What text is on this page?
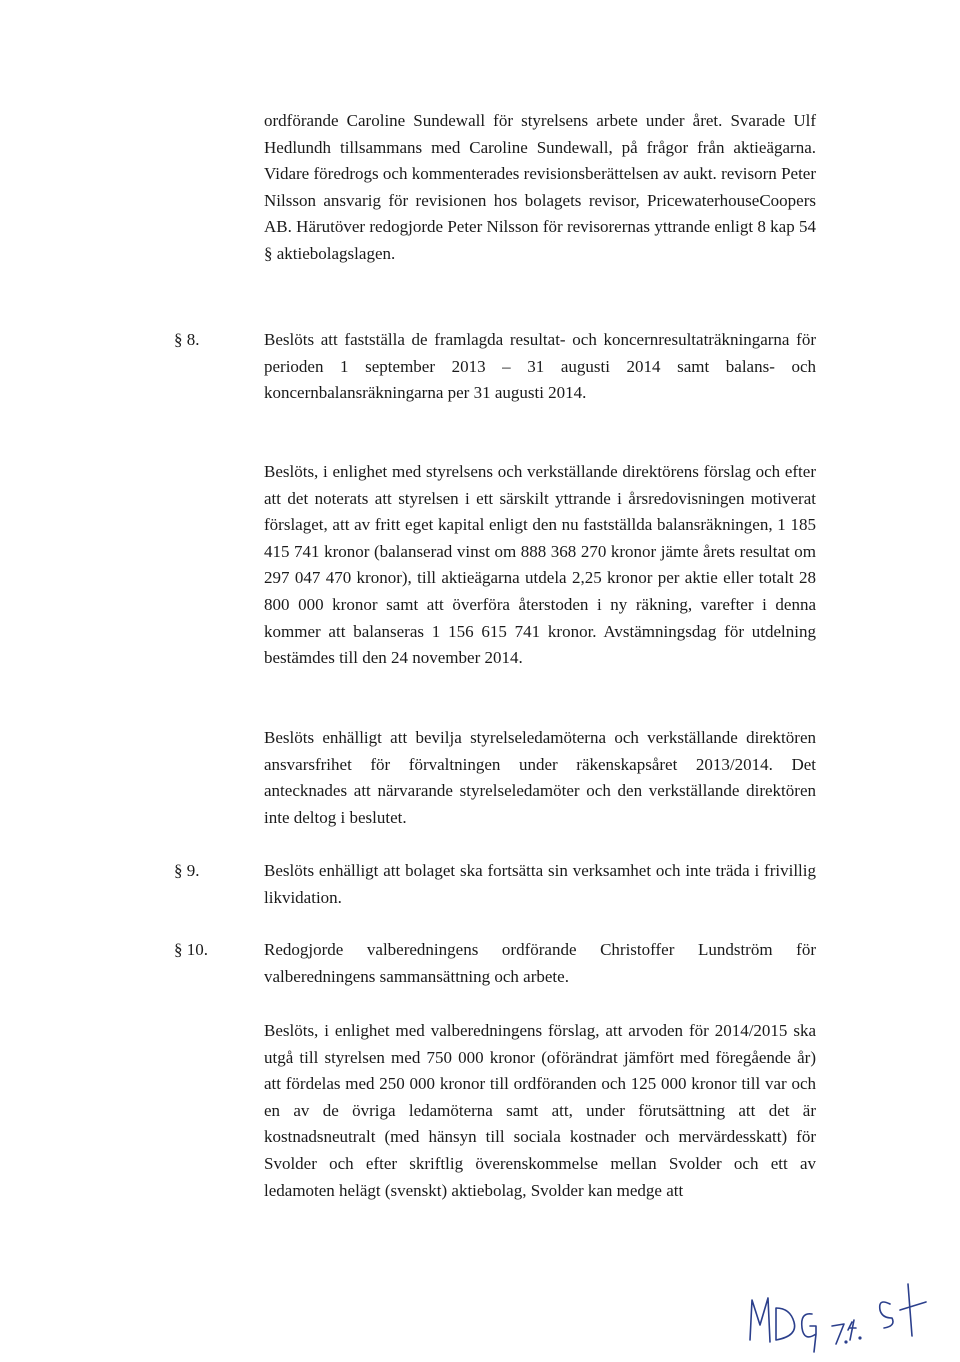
ordförande Caroline Sundewall för styrelsens arbete under året. Svarade Ulf Hedlundh tillsammans med Caroline Sundewall, på frågor från aktieägarna. Vidare föredrogs och kommenterades revisionsberättelsen av aukt. revisorn Peter Nilsson ansvarig för revisionen hos bolagets revisor, PricewaterhouseCoopers AB. Härutöver redogjorde Peter Nilsson för revisorernas yttrande enligt 8 kap 54 § aktiebolagslagen.

§ 8.	Beslöts att fastställa de framlagda resultat- och koncernresultaträkningarna för perioden 1 september 2013 – 31 augusti 2014 samt balans- och koncernbalansräkningarna per 31 augusti 2014.

Beslöts, i enlighet med styrelsens och verkställande direktörens förslag och efter att det noterats att styrelsen i ett särskilt yttrande i årsredovisningen motiverat förslaget, att av fritt eget kapital enligt den nu fastställda balansräkningen, 1 185 415 741 kronor (balanserad vinst om 888 368 270 kronor jämte årets resultat om 297 047 470 kronor), till aktieägarna utdela 2,25 kronor per aktie eller totalt 28 800 000 kronor samt att överföra återstoden i ny räkning, varefter i denna kommer att balanseras 1 156 615 741 kronor. Avstämningsdag för utdelning bestämdes till den 24 november 2014.

Beslöts enhälligt att bevilja styrelseledamöterna och verkställande direktören ansvarsfrihet för förvaltningen under räkenskapsåret 2013/2014. Det antecknades att närvarande styrelseledamöter och den verkställande direktören inte deltog i beslutet.

§ 9.	Beslöts enhälligt att bolaget ska fortsätta sin verksamhet och inte träda i frivillig likvidation.

§ 10.	Redogjorde valberedningens ordförande Christoffer Lundström för valberedningens sammansättning och arbete.

Beslöts, i enlighet med valberedningens förslag, att arvoden för 2014/2015 ska utgå till styrelsen med 750 000 kronor (oförändrat jämfört med föregående år) att fördelas med 250 000 kronor till ordföranden och 125 000 kronor till var och en av de övriga ledamöterna samt att, under förutsättning att det är kostnadsneutralt (med hänsyn till sociala kostnader och mervärdesskatt) för Svolder och efter skriftlig överenskommelse mellan Svolder och ett av ledamoten helägt (svenskt) aktiebolag, Svolder kan medge att
